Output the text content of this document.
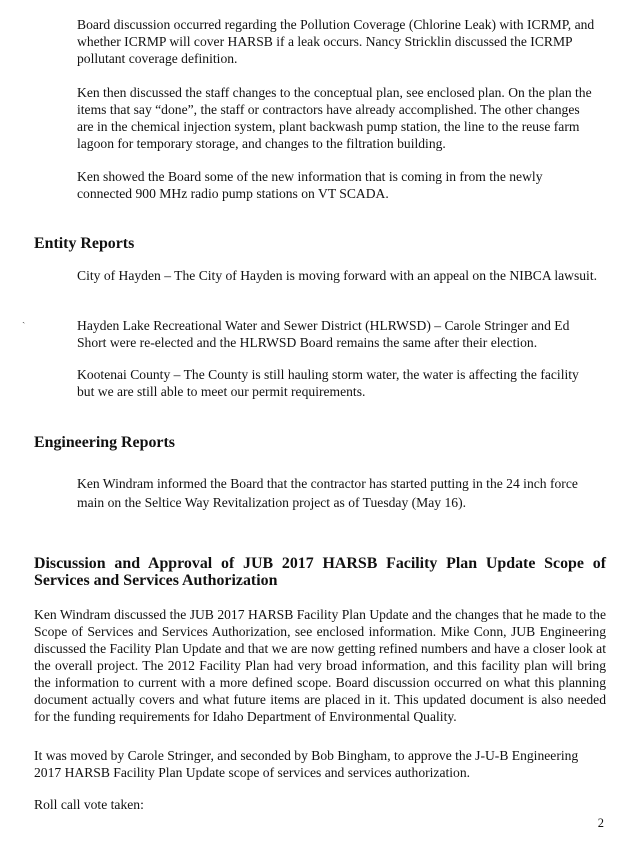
Board discussion occurred regarding the Pollution Coverage (Chlorine Leak) with ICRMP, and whether ICRMP will cover HARSB if a leak occurs. Nancy Stricklin discussed the ICRMP pollutant coverage definition.

Ken then discussed the staff changes to the conceptual plan, see enclosed plan. On the plan the items that say “done”, the staff or contractors have already accomplished. The other changes are in the chemical injection system, plant backwash pump station, the line to the reuse farm lagoon for temporary storage, and changes to the filtration building.

Ken showed the Board some of the new information that is coming in from the newly connected 900 MHz radio pump stations on VT SCADA.

Entity Reports

City of Hayden – The City of Hayden is moving forward with an appeal on the NIBCA lawsuit.

ˏ	Hayden Lake Recreational Water and Sewer District (HLRWSD) – Carole Stringer and Ed Short were re-elected and the HLRWSD Board remains the same after their election.

Kootenai County – The County is still hauling storm water, the water is affecting the facility but we are still able to meet our permit requirements.

Engineering Reports

Ken Windram informed the Board that the contractor has started putting in the 24 inch force main on the Seltice Way Revitalization project as of Tuesday (May 16).

Discussion and Approval of JUB 2017 HARSB Facility Plan Update Scope of Services and Services Authorization

Ken Windram discussed the JUB 2017 HARSB Facility Plan Update and the changes that he made to the Scope of Services and Services Authorization, see enclosed information. Mike Conn, JUB Engineering discussed the Facility Plan Update and that we are now getting refined numbers and have a closer look at the overall project. The 2012 Facility Plan had very broad information, and this facility plan will bring the information to current with a more defined scope. Board discussion occurred on what this planning document actually covers and what future items are placed in it. This updated document is also needed for the funding requirements for Idaho Department of Environmental Quality.

It was moved by Carole Stringer, and seconded by Bob Bingham, to approve the J-U-B Engineering 2017 HARSB Facility Plan Update scope of services and services authorization.

Roll call vote taken:

2
